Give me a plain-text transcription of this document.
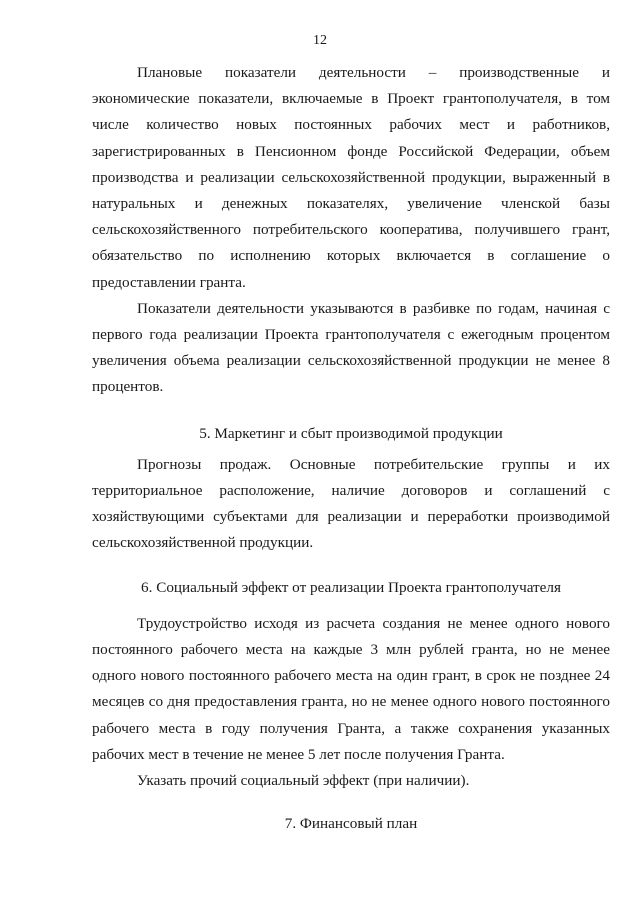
12

Плановые показатели деятельности – производственные и экономические показатели, включаемые в Проект грантополучателя, в том числе количество новых постоянных рабочих мест и работников, зарегистрированных в Пенсионном фонде Российской Федерации, объем производства и реализации сельскохозяйственной продукции, выраженный в натуральных и денежных показателях, увеличение членской базы сельскохозяйственного потребительского кооператива, получившего грант, обязательство по исполнению которых включается в соглашение о предоставлении гранта.

Показатели деятельности указываются в разбивке по годам, начиная с первого года реализации Проекта грантополучателя с ежегодным процентом увеличения объема реализации сельскохозяйственной продукции не менее 8 процентов.

5. Маркетинг и сбыт производимой продукции

Прогнозы продаж. Основные потребительские группы и их территориальное расположение, наличие договоров и соглашений с хозяйствующими субъектами для реализации и переработки производимой сельскохозяйственной продукции.

6. Социальный эффект от реализации Проекта грантополучателя

Трудоустройство исходя из расчета создания не менее одного нового постоянного рабочего места на каждые 3 млн рублей гранта, но не менее одного нового постоянного рабочего места на один грант, в срок не позднее 24 месяцев со дня предоставления гранта, но не менее одного нового постоянного рабочего места в году получения Гранта, а также сохранения указанных рабочих мест в течение не менее 5 лет после получения Гранта.

Указать прочий социальный эффект (при наличии).

7. Финансовый план
